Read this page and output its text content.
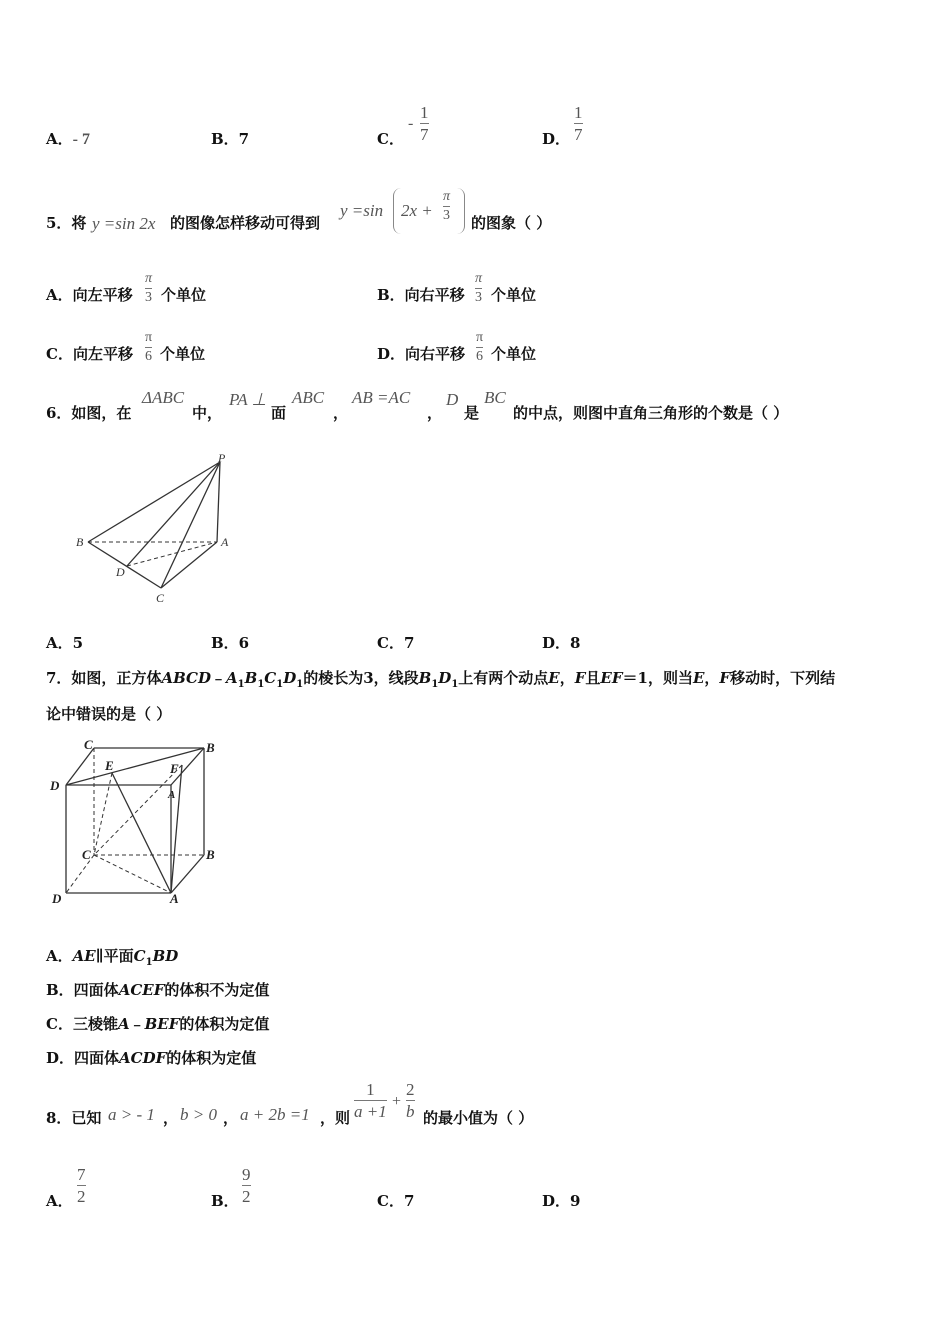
A．- 7	B．7	C．
-
1
7	D．
1
7
5．将 y =sin 2x 的图像怎样移动可得到
y =sin 2x +
π
3 的图象（ ）
A．向左平移
π
3 个单位	B．向右平移
π
3 个单位
C．向左平移
π
6 个单位	D．向右平移
π
6 个单位
6．如图，在
ΔABC
中，
PA ⊥
面
ABC
，
AB =AC
，
D
是
BC
的中点，则图中直角三角形的个数是（ ）
P
B	A
D
C
A．5	B．6	C．7	D．8
7．如图，正方体$ABCD﹣A_1B_1C_1D_1$的棱长为3，线段$B_1D_1$上有两个动点E，F且EF＝1，则当E，F移动时，下列结
论中错误的是（ ）
C	B
D
E	F
A
C	B
D	A
A．AE∥平面$C_1BD$
B．四面体ACEF的体积不为定值
C．三棱锥A﹣BEF的体积为定值
D．四面体ACDF的体积为定值
8．已知 a > - 1 ， b > 0 ， a + 2b =1 ，则
1
a +1
+
2
b 的最小值为（ ）
A．
7
2	B．
9
2	C．7	D．9
